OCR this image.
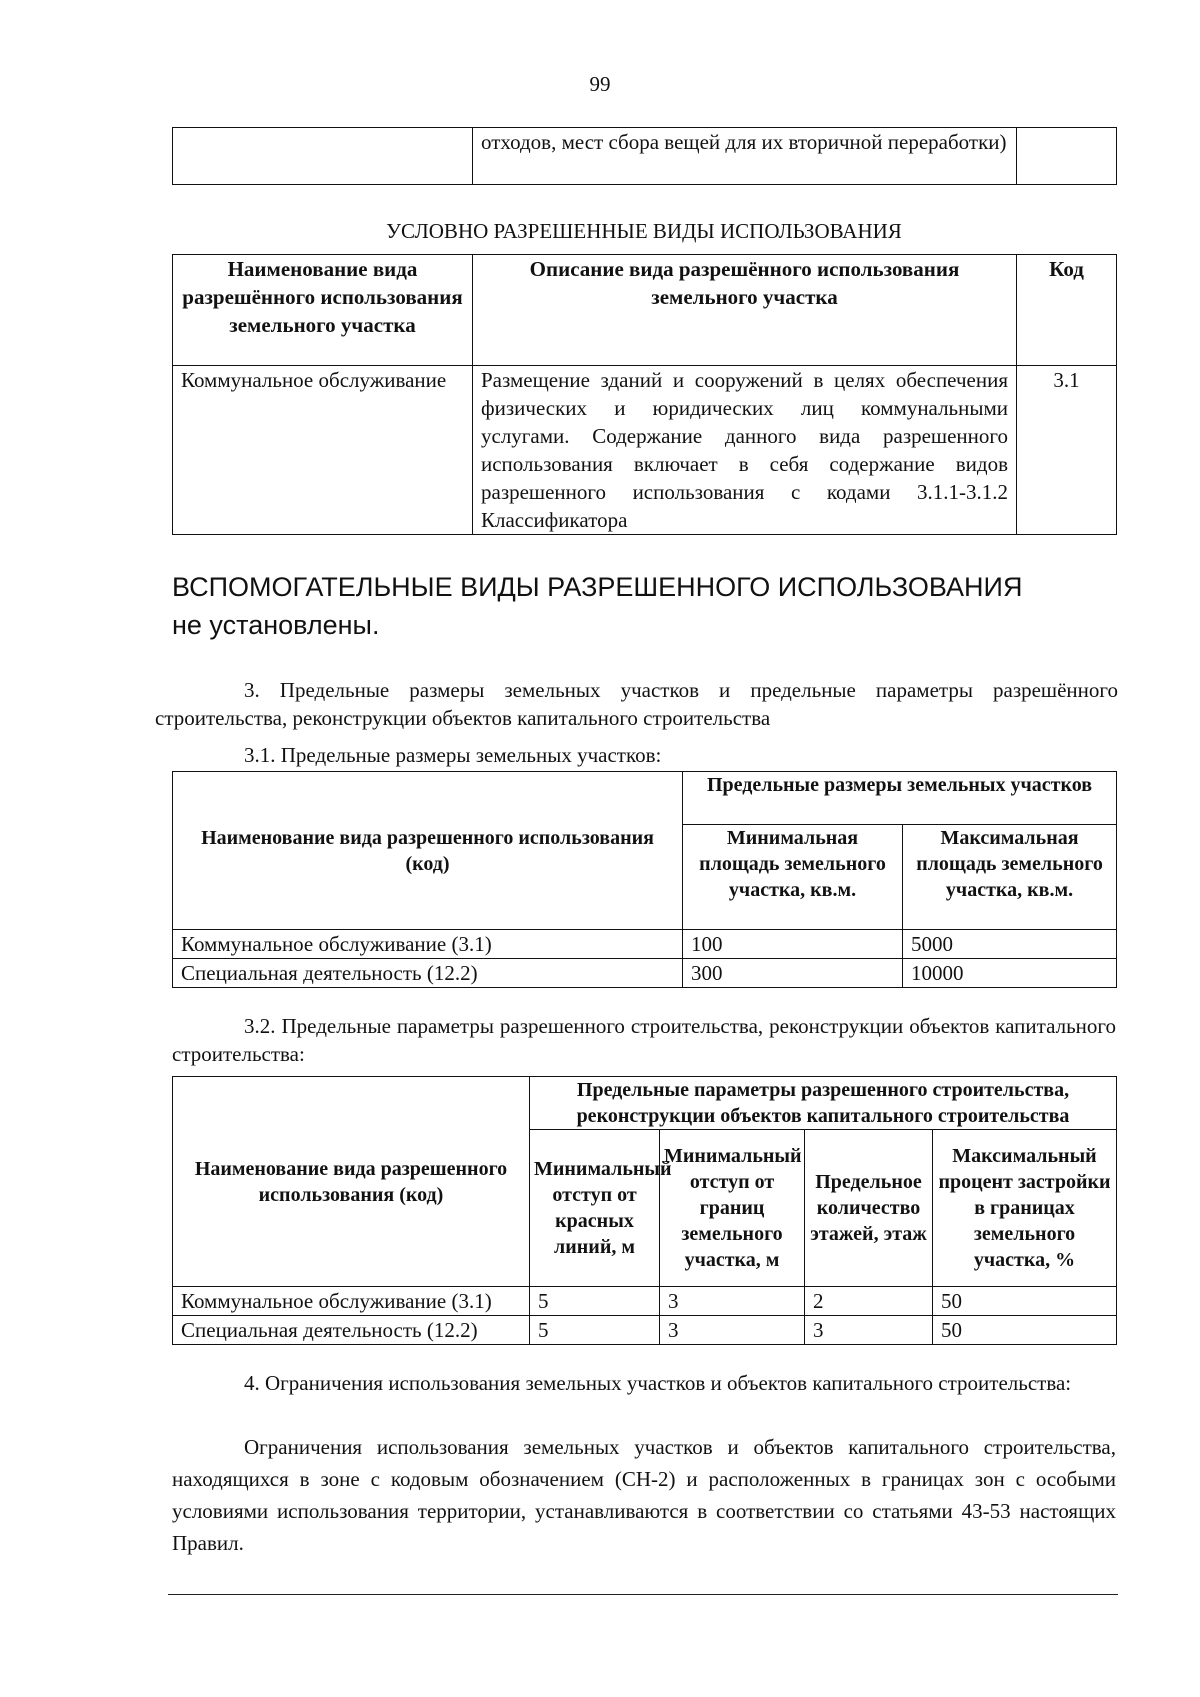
99
	отходов, мест сбора вещей для их вторичной переработки)	
УСЛОВНО РАЗРЕШЕННЫЕ ВИДЫ ИСПОЛЬЗОВАНИЯ
Наименование вида разрешённого использования земельного участка	Описание вида разрешённого использования земельного участка	Код
Коммунальное обслуживание	Размещение зданий и сооружений в целях обеспечения физических и юридических лиц коммунальными услугами. Содержание данного вида разрешенного использования включает в себя содержание видов разрешенного использования с кодами 3.1.1-3.1.2 Классификатора	3.1
ВСПОМОГАТЕЛЬНЫЕ ВИДЫ РАЗРЕШЕННОГО ИСПОЛЬЗОВАНИЯ
не установлены.
3. Предельные размеры земельных участков и предельные параметры разрешённого строительства, реконструкции объектов капитального строительства
3.1. Предельные размеры земельных участков:
Наименование вида разрешенного использования (код)	Предельные размеры земельных участков	
	Минимальная площадь земельного участка, кв.м.	Максимальная площадь земельного участка, кв.м.
Коммунальное обслуживание (3.1)	100	5000
Специальная деятельность (12.2)	300	10000
3.2. Предельные параметры разрешенного строительства, реконструкции объектов капитального строительства:
Наименование вида разрешенного использования (код)	Предельные параметры разрешенного строительства, реконструкции объектов капитального строительства			
	Минимальный отступ от красных линий, м	Минимальный отступ от границ земельного участка, м	Предельное количество этажей, этаж	Максимальный процент застройки в границах земельного участка, %
Коммунальное обслуживание (3.1)	5	3	2	50
Специальная деятельность (12.2)	5	3	3	50
4. Ограничения использования земельных участков и объектов капитального строительства:
Ограничения использования земельных участков и объектов капитального строительства, находящихся в зоне с кодовым обозначением (СН-2) и расположенных в границах зон с особыми условиями использования территории, устанавливаются в соответствии со статьями 43-53 настоящих Правил.
